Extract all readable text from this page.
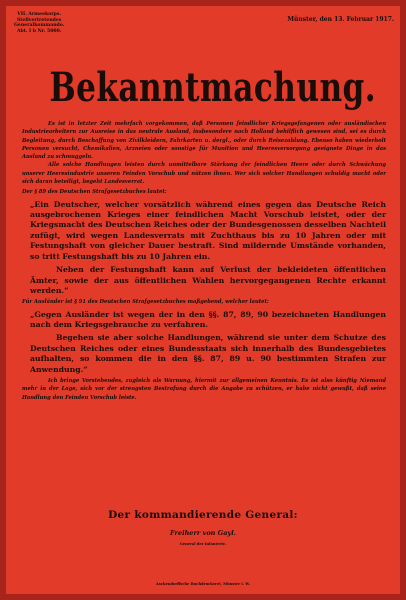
VII. Armeekorps.
Stellvertretendes
Generalkommando.
Abt. I b Nr. 5000.
Münster, den 13. Februar 1917.
Bekanntmachung.

Es ist in letzter Zeit mehrfach vorgekommen, daß Personen feindlicher Kriegsgefangenen oder ausländischen Industriearbeitern zur Ausreise in das neutrale Ausland, insbesondere nach Holland behilflich gewesen sind, sei es durch Begleitung, durch Beschaffung von Zivilkleidern, Fahrkarten u. dergl., oder durch Reisezahlung. Ebenso haben wiederholt Personen versucht, Chemikalien, Arzneien oder sonstige für Munition und Heeresversorgung geeignete Dinge in das Ausland zu schmuggeln.

Alle solche Handlungen leisten durch unmittelbare Stärkung der feindlichen Heere oder durch Schwächung unserer Heeresindustrie unseren Feinden Vorschub und nützen ihnen. Wer sich solcher Handlungen schuldig macht oder sich daran beteiligt, begeht Landesverrat.

Der § 89 des Deutschen Strafgesetzbuches lautet:

„Ein Deutscher, welcher vorsätzlich während eines gegen das Deutsche Reich ausgebrochenen Krieges einer feindlichen Macht Vorschub leistet, oder der Kriegsmacht des Deutschen Reiches oder der Bundesgenossen desselben Nachteil zufügt, wird wegen Landesverrats mit Zuchthaus bis zu 10 Jahren oder mit Festungshaft von gleicher Dauer bestraft. Sind mildernde Umstände vorhanden, so tritt Festungshaft bis zu 10 Jahren ein.

Neben der Festungshaft kann auf Verlust der bekleideten öffentlichen Ämter, sowie der aus öffentlichen Wahlen hervorgegangenen Rechte erkannt werden.“

Für Ausländer ist § 91 des Deutschen Strafgesetzbuches maßgebend, welcher lautet:

„Gegen Ausländer ist wegen der in den §§. 87, 89, 90 bezeichneten Handlungen nach dem Kriegsgebrauche zu verfahren.

Begehen sie aber solche Handlungen, während sie unter dem Schutze des Deutschen Reiches oder eines Bundesstaats sich innerhalb des Bundesgebietes aufhalten, so kommen die in den §§. 87, 89 u. 90 bestimmten Strafen zur Anwendung.“

Ich bringe Vorstehendes, zugleich als Warnung, hiermit zur allgemeinen Kenntnis. Es ist also künftig Niemand mehr in der Lage, sich vor der strengsten Bestrafung durch die Angabe zu schützen, er habe nicht gewußt, daß seine Handlung den Feinden Vorschub leiste.

Der kommandierende General:
Freiherr von Gayl.
General der Infanterie.
Aschendorffsche Buchdruckerei, Münster i. W.
